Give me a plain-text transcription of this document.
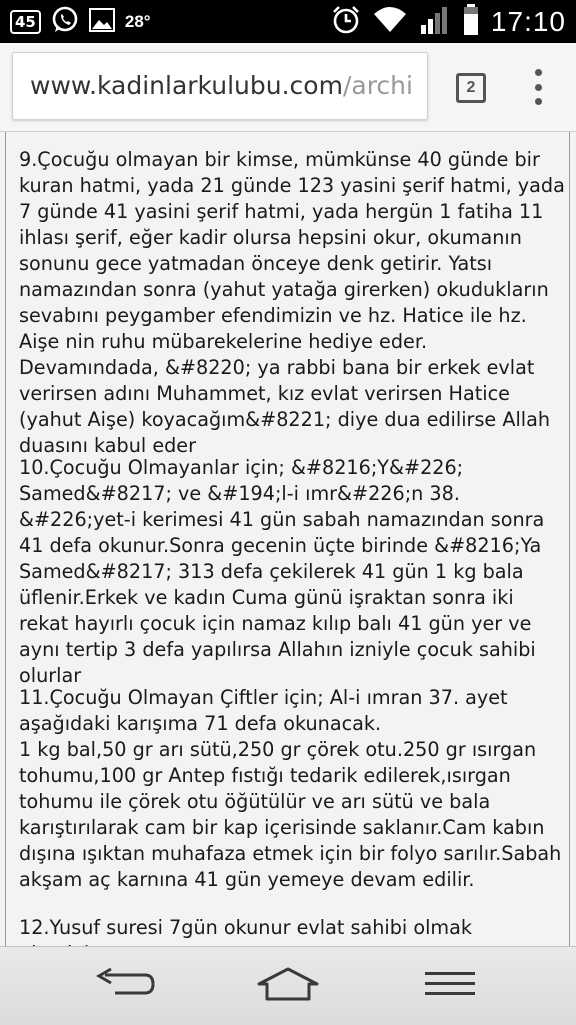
45	28°	17:10
www.kadinlarkulubu.com/archi	2

9.Çocuğu olmayan bir kimse, mümkünse 40 günde bir kuran hatmi, yada 21 günde 123 yasini şerif hatmi, yada 7 günde 41 yasini şerif hatmi, yada hergün 1 fatiha 11 ihlası şerif, eğer kadir olursa hepsini okur, okumanın sonunu gece yatmadan önceye denk getirir. Yatsı namazından sonra (yahut yatağa girerken) okudukların sevabını peygamber efendimizin ve hz. Hatice ile hz. Aişe nin ruhu mübarekelerine hediye eder. Devamındada, &#8220; ya rabbi bana bir erkek evlat verirsen adını Muhammet, kız evlat verirsen Hatice (yahut Aişe) koyacağım&#8221; diye dua edilirse Allah duasını kabul eder

10.Çocuğu Olmayanlar için; &#8216;Y&#226; Samed&#8217; ve &#194;l-i ımr&#226;n 38. &#226;yet-i kerimesi 41 gün sabah namazından sonra 41 defa okunur.Sonra gecenin üçte birinde &#8216;Ya Samed&#8217; 313 defa çekilerek 41 gün 1 kg bala üflenir.Erkek ve kadın Cuma günü işraktan sonra iki rekat hayırlı çocuk için namaz kılıp balı 41 gün yer ve aynı tertip 3 defa yapılırsa Allahın izniyle çocuk sahibi olurlar

11.Çocuğu Olmayan Çiftler için; Al-i ımran 37. ayet aşağıdaki karışıma 71 defa okunacak.
1 kg bal,50 gr arı sütü,250 gr çörek otu.250 gr ısırgan tohumu,100 gr Antep fıstığı tedarik edilerek,ısırgan tohumu ile çörek otu öğütülür ve arı sütü ve bala karıştırılarak cam bir kap içerisinde saklanır.Cam kabın dışına ışıktan muhafaza etmek için bir folyo sarılır.Sabah akşam aç karnına 41 gün yemeye devam edilir.

12.Yusuf suresi 7gün okunur evlat sahibi olmak
